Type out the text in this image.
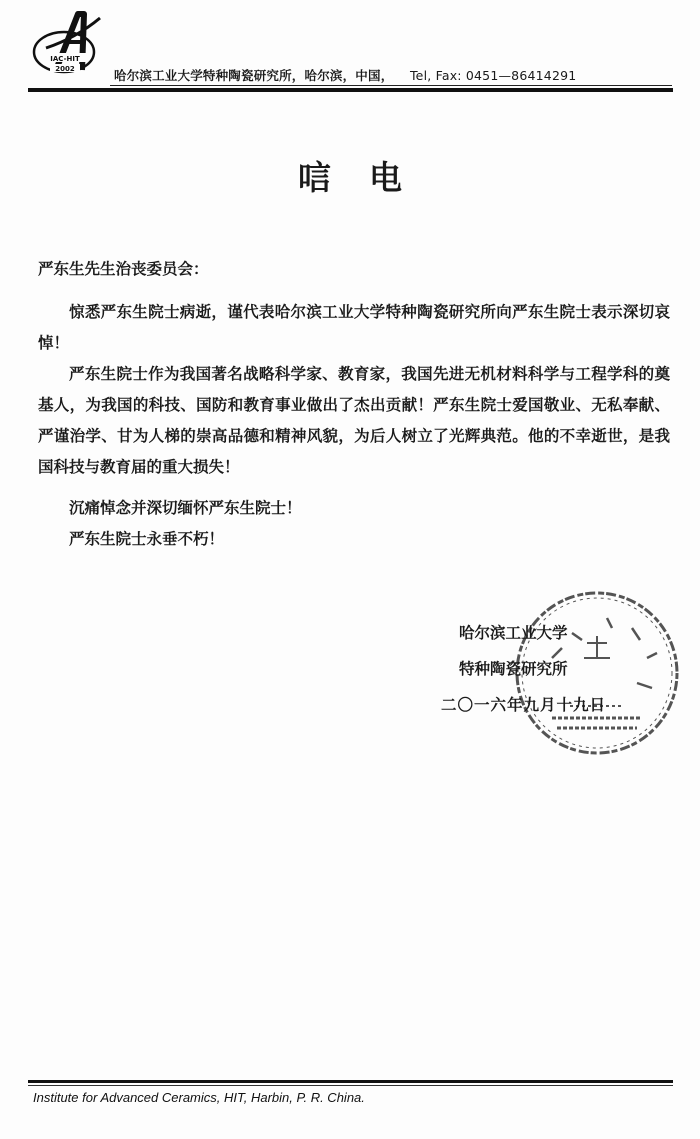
IAC-HIT
2002	哈尔滨工业大学特种陶瓷研究所，哈尔滨，中国， Tel, Fax: 0451—86414291
唁电
严东生先生治丧委员会：

惊悉严东生院士病逝，谨代表哈尔滨工业大学特种陶瓷研究所向严东生院士表示深切哀悼！

严东生院士作为我国著名战略科学家、教育家，我国先进无机材料科学与工程学科的奠基人，为我国的科技、国防和教育事业做出了杰出贡献！严东生院士爱国敬业、无私奉献、严谨治学、甘为人梯的崇高品德和精神风貌，为后人树立了光辉典范。他的不幸逝世，是我国科技与教育届的重大损失！

沉痛悼念并深切缅怀严东生院士！

严东生院士永垂不朽！

哈尔滨工业大学
特种陶瓷研究所
二〇一六年九月十九日
Institute for Advanced Ceramics, HIT, Harbin, P. R. China.
